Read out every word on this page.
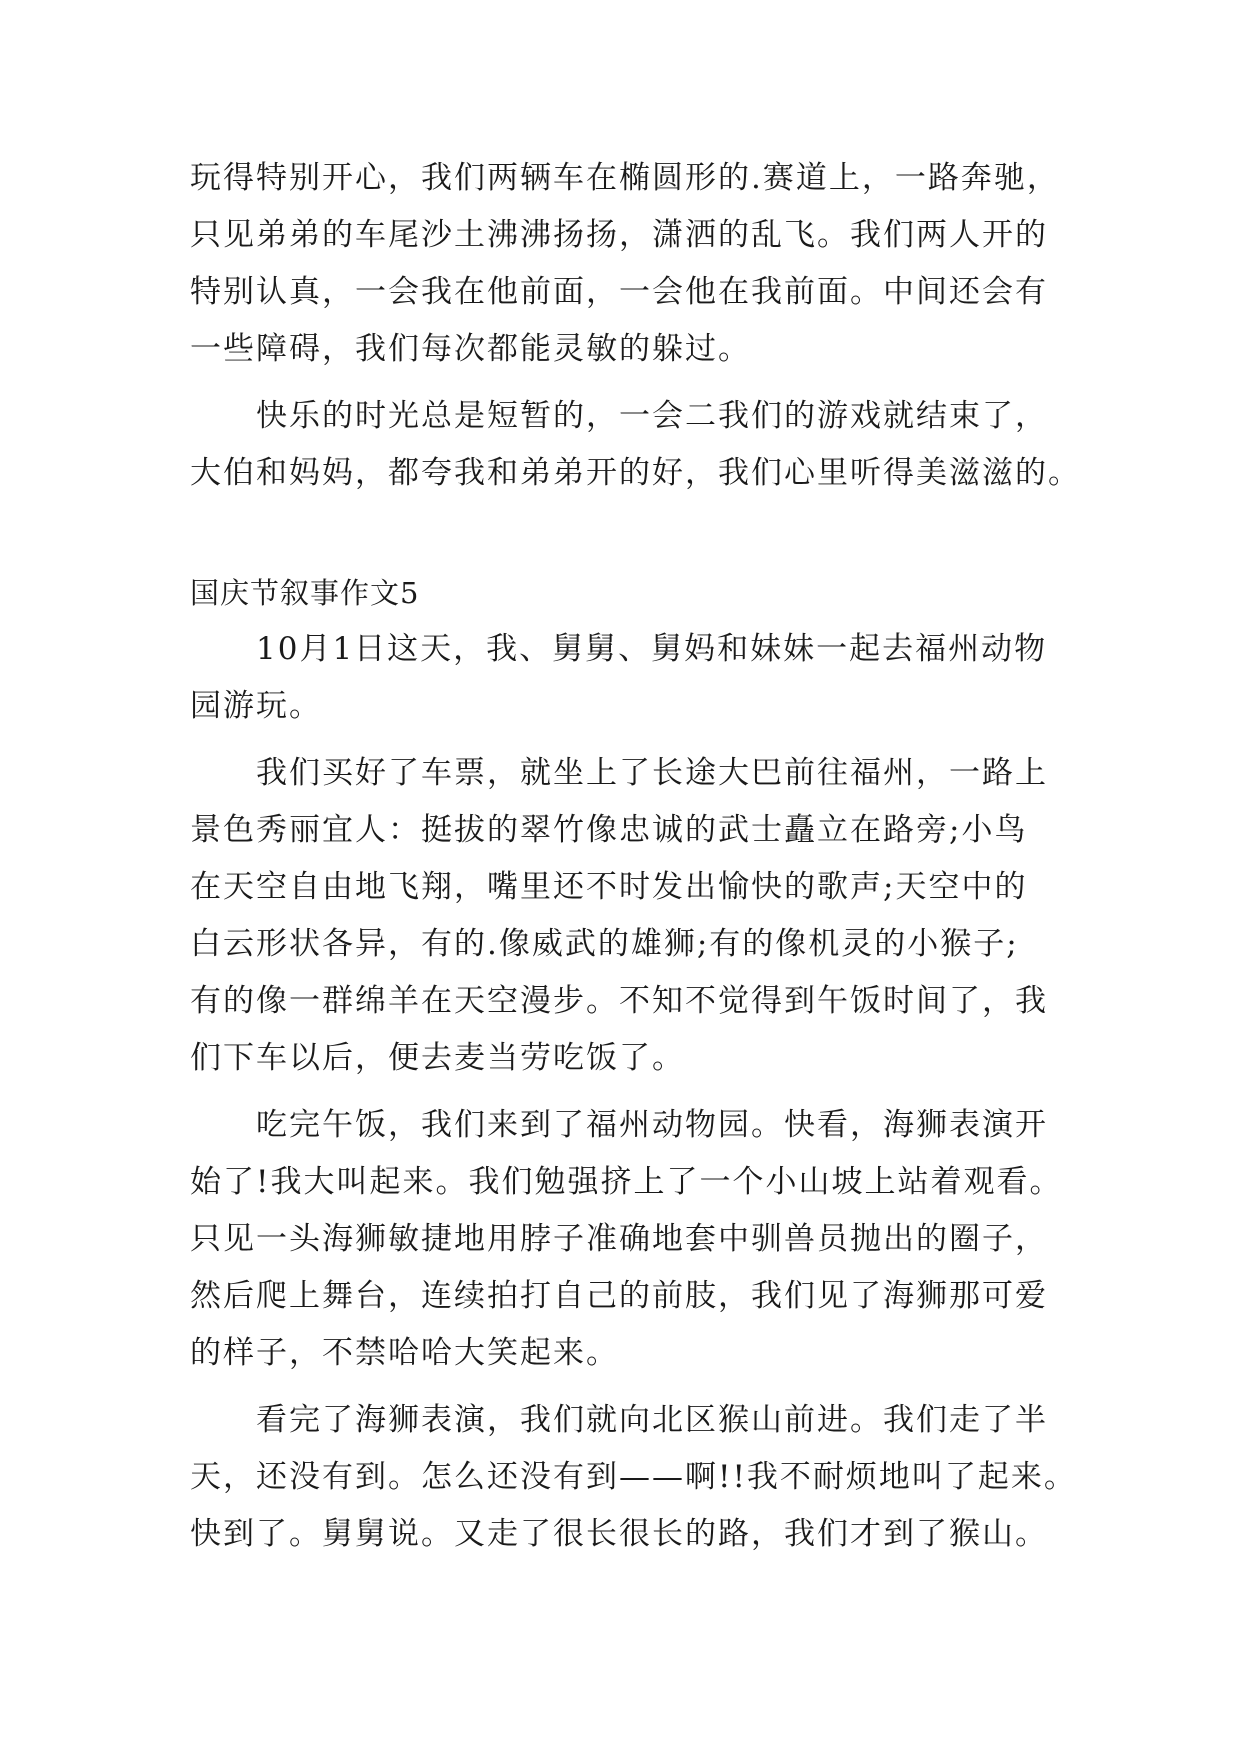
玩得特别开心，我们两辆车在椭圆形的.赛道上，一路奔驰，
只见弟弟的车尾沙土沸沸扬扬，潇洒的乱飞。我们两人开的
特别认真，一会我在他前面，一会他在我前面。中间还会有
一些障碍，我们每次都能灵敏的躲过。
快乐的时光总是短暂的，一会二我们的游戏就结束了，
大伯和妈妈，都夸我和弟弟开的好，我们心里听得美滋滋的。
国庆节叙事作文5
10月1日这天，我、舅舅、舅妈和妹妹一起去福州动物
园游玩。
我们买好了车票，就坐上了长途大巴前往福州，一路上
景色秀丽宜人：挺拔的翠竹像忠诚的武士矗立在路旁;小鸟
在天空自由地飞翔，嘴里还不时发出愉快的歌声;天空中的
白云形状各异，有的.像威武的雄狮;有的像机灵的小猴子;
有的像一群绵羊在天空漫步。不知不觉得到午饭时间了，我
们下车以后，便去麦当劳吃饭了。
吃完午饭，我们来到了福州动物园。快看，海狮表演开
始了!我大叫起来。我们勉强挤上了一个小山坡上站着观看。
只见一头海狮敏捷地用脖子准确地套中驯兽员抛出的圈子，
然后爬上舞台，连续拍打自己的前肢，我们见了海狮那可爱
的样子，不禁哈哈大笑起来。
看完了海狮表演，我们就向北区猴山前进。我们走了半
天，还没有到。怎么还没有到——啊!!我不耐烦地叫了起来。
快到了。舅舅说。又走了很长很长的路，我们才到了猴山。
